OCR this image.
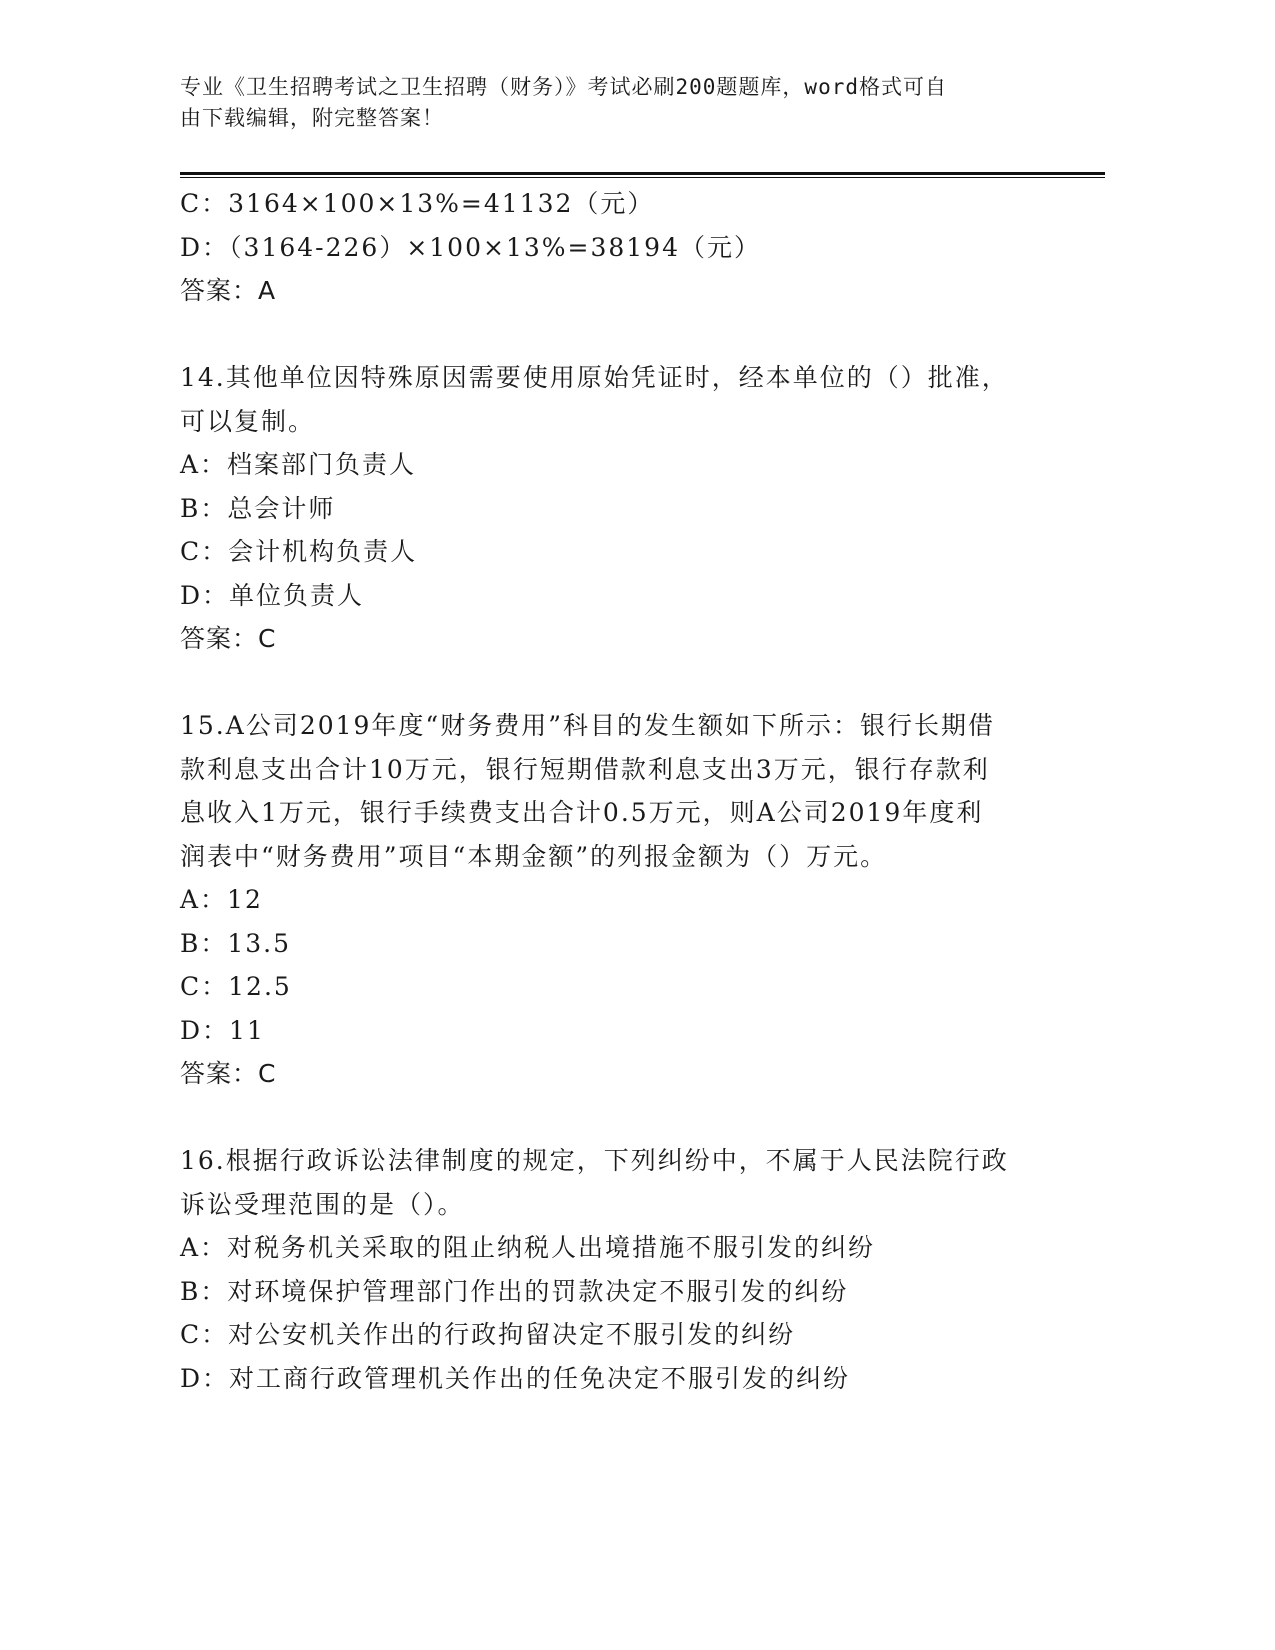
专业《卫生招聘考试之卫生招聘（财务）》考试必刷200题题库，word格式可自
由下载编辑，附完整答案！
C：3164×100×13%=41132（元）
D：（3164-226）×100×13%=38194（元）
答案：A
14.其他单位因特殊原因需要使用原始凭证时，经本单位的（）批准，
可以复制。
A：档案部门负责人
B：总会计师
C：会计机构负责人
D：单位负责人
答案：C
15.A公司2019年度“财务费用”科目的发生额如下所示：银行长期借
款利息支出合计10万元，银行短期借款利息支出3万元，银行存款利
息收入1万元，银行手续费支出合计0.5万元，则A公司2019年度利
润表中“财务费用”项目“本期金额”的列报金额为（）万元。
A：12
B：13.5
C：12.5
D：11
答案：C
16.根据行政诉讼法律制度的规定，下列纠纷中，不属于人民法院行政
诉讼受理范围的是（）。
A：对税务机关采取的阻止纳税人出境措施不服引发的纠纷
B：对环境保护管理部门作出的罚款决定不服引发的纠纷
C：对公安机关作出的行政拘留决定不服引发的纠纷
D：对工商行政管理机关作出的任免决定不服引发的纠纷
